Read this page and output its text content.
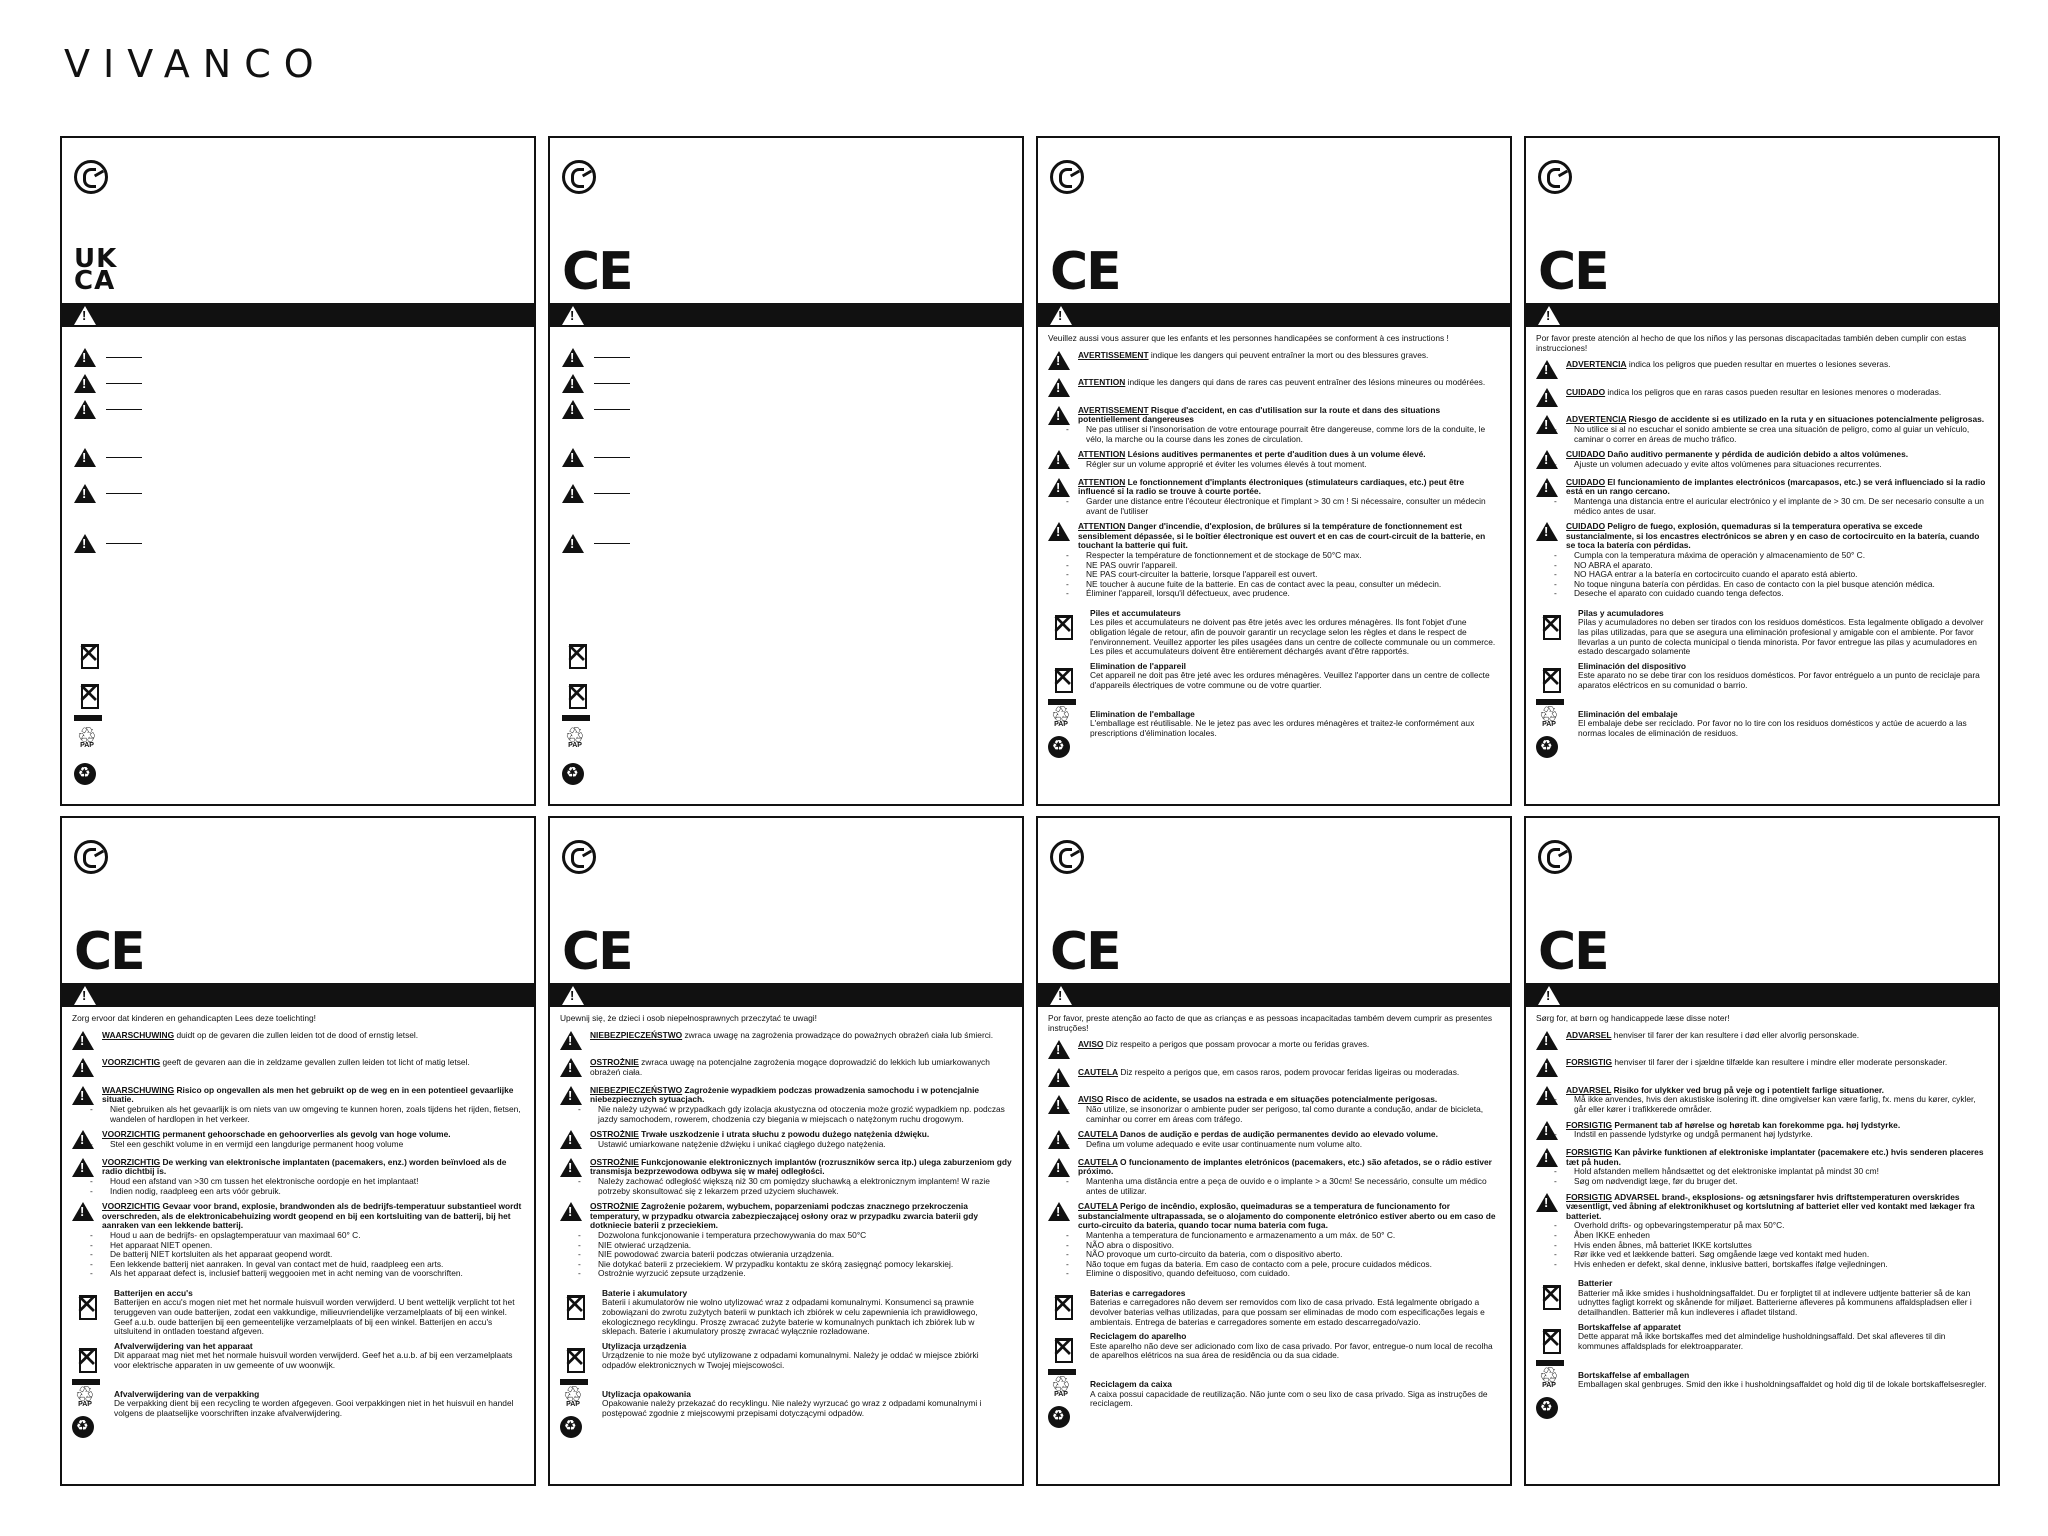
VIVANCO
UK
CA
!
!
!
!
!
!
!
✕
✕
♲ PAP
♻
CE
!
!
!
!
!
!
!
✕
✕
♲ PAP
♻
CE
!
Veuillez aussi vous assurer que les enfants et les personnes handicapées se conforment à ces instructions !
!
AVERTISSEMENT indique les dangers qui peuvent entraîner la mort ou des blessures graves.
!
ATTENTION indique les dangers qui dans de rares cas peuvent entraîner des lésions mineures ou modérées.
!
AVERTISSEMENT Risque d'accident, en cas d'utilisation sur la route et dans des situations potentiellement dangereuses
- Ne pas utiliser si l'insonorisation de votre entourage pourrait être dangereuse, comme lors de la conduite, le vélo, la marche ou la course dans les zones de circulation.
!
ATTENTION Lésions auditives permanentes et perte d'audition dues à un volume élevé.
- Régler sur un volume approprié et éviter les volumes élevés à tout moment.
!
ATTENTION Le fonctionnement d'implants électroniques (stimulateurs cardiaques, etc.) peut être influencé si la radio se trouve à courte portée.
- Garder une distance entre l'écouteur électronique et l'implant > 30 cm ! Si nécessaire, consulter un médecin avant de l'utiliser
!
ATTENTION Danger d'incendie, d'explosion, de brûlures si la température de fonctionnement est sensiblement dépassée, si le boîtier électronique est ouvert et en cas de court-circuit de la batterie, en touchant la batterie qui fuit.
- Respecter la température de fonctionnement et de stockage de 50°C max.
- NE PAS ouvrir l'appareil.
- NE PAS court-circuiter la batterie, lorsque l'appareil est ouvert.
- NE toucher à aucune fuite de la batterie. En cas de contact avec la peau, consulter un médecin.
- Éliminer l'appareil, lorsqu'il défectueux, avec prudence.
✕
Piles et accumulateurs
Les piles et accumulateurs ne doivent pas être jetés avec les ordures ménagères. Ils font l'objet d'une obligation légale de retour, afin de pouvoir garantir un recyclage selon les règles et dans le respect de l'environnement. Veuillez apporter les piles usagées dans un centre de collecte communale ou un commerce. Les piles et accumulateurs doivent être entièrement déchargés avant d'être rapportés.
✕
Elimination de l'appareil
Cet appareil ne doit pas être jeté avec les ordures ménagères. Veuillez l'apporter dans un centre de collecte d'appareils électriques de votre commune ou de votre quartier.
♲ PAP
♻
Elimination de l'emballage
L'emballage est réutilisable. Ne le jetez pas avec les ordures ménagères et traitez-le conformément aux prescriptions d'élimination locales.
CE
!
Por favor preste atención al hecho de que los niños y las personas discapacitadas también deben cumplir con estas instrucciones!
!
ADVERTENCIA indica los peligros que pueden resultar en muertes o lesiones severas.
!
CUIDADO indica los peligros que en raras casos pueden resultar en lesiones menores o moderadas.
!
ADVERTENCIA Riesgo de accidente si es utilizado en la ruta y en situaciones potencialmente peligrosas.
- No utilice si al no escuchar el sonido ambiente se crea una situación de peligro, como al guiar un vehículo, caminar o correr en áreas de mucho tráfico.
!
CUIDADO Daño auditivo permanente y pérdida de audición debido a altos volúmenes.
- Ajuste un volumen adecuado y evite altos volúmenes para situaciones recurrentes.
!
CUIDADO El funcionamiento de implantes electrónicos (marcapasos, etc.) se verá influenciado si la radio está en un rango cercano.
- Mantenga una distancia entre el auricular electrónico y el implante de > 30 cm. De ser necesario consulte a un médico antes de usar.
!
CUIDADO Peligro de fuego, explosión, quemaduras si la temperatura operativa se excede sustancialmente, si los encastres electrónicos se abren y en caso de cortocircuito en la batería, cuando se toca la batería con pérdidas.
- Cumpla con la temperatura máxima de operación y almacenamiento de 50° C.
- NO ABRA el aparato.
- NO HAGA entrar a la batería en cortocircuito cuando el aparato está abierto.
- No toque ninguna batería con pérdidas. En caso de contacto con la piel busque atención médica.
- Deseche el aparato con cuidado cuando tenga defectos.
✕
Pilas y acumuladores
Pilas y acumuladores no deben ser tirados con los residuos domésticos. Esta legalmente obligado a devolver las pilas utilizadas, para que se asegura una eliminación profesional y amigable con el ambiente. Por favor llevarlas a un punto de colecta municipal o tienda minorista. Por favor entregue las pilas y acumuladores en estado descargado solamente
✕
Eliminación del dispositivo
Este aparato no se debe tirar con los residuos domésticos. Por favor entréguelo a un punto de reciclaje para aparatos eléctricos en su comunidad o barrio.
♲ PAP
♻
Eliminación del embalaje
El embalaje debe ser reciclado. Por favor no lo tire con los residuos domésticos y actúe de acuerdo a las normas locales de eliminación de residuos.
CE
!
Zorg ervoor dat kinderen en gehandicapten Lees deze toelichting!
!
WAARSCHUWING duidt op de gevaren die zullen leiden tot de dood of ernstig letsel.
!
VOORZICHTIG geeft de gevaren aan die in zeldzame gevallen zullen leiden tot licht of matig letsel.
!
WAARSCHUWING Risico op ongevallen als men het gebruikt op de weg en in een potentieel gevaarlijke situatie.
- Niet gebruiken als het gevaarlijk is om niets van uw omgeving te kunnen horen, zoals tijdens het rijden, fietsen, wandelen of hardlopen in het verkeer.
!
VOORZICHTIG permanent gehoorschade en gehoorverlies als gevolg van hoge volume.
- Stel een geschikt volume in en vermijd een langdurige permanent hoog volume
!
VOORZICHTIG De werking van elektronische implantaten (pacemakers, enz.) worden beïnvloed als de radio dichtbij is.
- Houd een afstand van >30 cm tussen het elektronische oordopje en het implantaat!
- Indien nodig, raadpleeg een arts vóór gebruik.
!
VOORZICHTIG Gevaar voor brand, explosie, brandwonden als de bedrijfs-temperatuur substantieel wordt overschreden, als de elektronicabehuizing wordt geopend en bij een kortsluiting van de batterij, bij het aanraken van een lekkende batterij.
- Houd u aan de bedrijfs- en opslagtemperatuur van maximaal 60° C.
- Het apparaat NIET openen.
- De batterij NIET kortsluiten als het apparaat geopend wordt.
- Een lekkende batterij niet aanraken. In geval van contact met de huid, raadpleeg een arts.
- Als het apparaat defect is, inclusief batterij weggooien met in acht neming van de voorschriften.
✕
Batterijen en accu's
Batterijen en accu's mogen niet met het normale huisvuil worden verwijderd. U bent wettelijk verplicht tot het teruggeven van oude batterijen, zodat een vakkundige, milieuvriendelijke verzamelplaats of bij een winkel. Geef a.u.b. oude batterijen bij een gemeentelijke verzamelplaats of bij een winkel. Batterijen en accu's uitsluitend in ontladen toestand afgeven.
✕
Afvalverwijdering van het apparaat
Dit apparaat mag niet met het normale huisvuil worden verwijderd. Geef het a.u.b. af bij een verzamelplaats voor elektrische apparaten in uw gemeente of uw woonwijk.
♲ PAP
♻
Afvalverwijdering van de verpakking
De verpakking dient bij een recycling te worden afgegeven. Gooi verpakkingen niet in het huisvuil en handel volgens de plaatselijke voorschriften inzake afvalverwijdering.
CE
!
Upewnij się, że dzieci i osob niepełnosprawnych przeczytać te uwagi!
!
NIEBEZPIECZEŃSTWO zwraca uwagę na zagrożenia prowadzące do poważnych obrażeń ciała lub śmierci.
!
OSTROŻNIE zwraca uwagę na potencjalne zagrożenia mogące doprowadzić do lekkich lub umiarkowanych obrażeń ciała.
!
NIEBEZPIECZEŃSTWO Zagrożenie wypadkiem podczas prowadzenia samochodu i w potencjalnie niebezpiecznych sytuacjach.
- Nie należy używać w przypadkach gdy izolacja akustyczna od otoczenia może grozić wypadkiem np. podczas jazdy samochodem, rowerem, chodzenia czy biegania w miejscach o natężonym ruchu drogowym.
!
OSTROŻNIE Trwałe uszkodzenie i utrata słuchu z powodu dużego natężenia dźwięku.
- Ustawić umiarkowane natężenie dźwięku i unikać ciągłego dużego natężenia.
!
OSTROŻNIE Funkcjonowanie elektronicznych implantów (rozruszników serca itp.) ulega zaburzeniom gdy transmisja bezprzewodowa odbywa się w małej odległości.
- Należy zachować odległość większą niż 30 cm pomiędzy słuchawką a elektronicznym implantem! W razie potrzeby skonsultować się z lekarzem przed użyciem słuchawek.
!
OSTROŻNIE Zagrożenie pożarem, wybuchem, poparzeniami podczas znacznego przekroczenia temperatury, w przypadku otwarcia zabezpieczającej osłony oraz w przypadku zwarcia baterii gdy dotkniecie baterii z przeciekiem.
- Dozwolona funkcjonowanie i temperatura przechowywania do max 50°C
- NIE otwierać urządzenia.
- NIE powodować zwarcia baterii podczas otwierania urządzenia.
- Nie dotykać baterii z przeciekiem. W przypadku kontaktu ze skórą zasięgnąć pomocy lekarskiej.
- Ostrożnie wyrzucić zepsute urządzenie.
✕
Baterie i akumulatory
Baterii i akumulatorów nie wolno utylizować wraz z odpadami komunalnymi. Konsumenci są prawnie zobowiązani do zwrotu zużytych baterii w punktach ich zbiórek w celu zapewnienia ich prawidłowego, ekologicznego recyklingu. Proszę zwracać zużyte baterie w komunalnych punktach ich zbiórek lub w sklepach. Baterie i akumulatory proszę zwracać wyłącznie rozładowane.
✕
Utylizacja urządzenia
Urządzenie to nie może być utylizowane z odpadami komunalnymi. Należy je oddać w miejsce zbiórki odpadów elektronicznych w Twojej miejscowości.
♲ PAP
♻
Utylizacja opakowania
Opakowanie należy przekazać do recyklingu. Nie należy wyrzucać go wraz z odpadami komunalnymi i postępować zgodnie z miejscowymi przepisami dotyczącymi odpadów.
CE
!
Por favor, preste atenção ao facto de que as crianças e as pessoas incapacitadas também devem cumprir as presentes instruções!
!
AVISO Diz respeito a perigos que possam provocar a morte ou feridas graves.
!
CAUTELA Diz respeito a perigos que, em casos raros, podem provocar feridas ligeiras ou moderadas.
!
AVISO Risco de acidente, se usados na estrada e em situações potencialmente perigosas.
- Não utilize, se insonorizar o ambiente puder ser perigoso, tal como durante a condução, andar de bicicleta, caminhar ou correr em áreas com tráfego.
!
CAUTELA Danos de audição e perdas de audição permanentes devido ao elevado volume.
- Defina um volume adequado e evite usar continuamente num volume alto.
!
CAUTELA O funcionamento de implantes eletrónicos (pacemakers, etc.) são afetados, se o rádio estiver próximo.
- Mantenha uma distância entre a peça de ouvido e o implante > a 30cm! Se necessário, consulte um médico antes de utilizar.
!
CAUTELA Perigo de incêndio, explosão, queimaduras se a temperatura de funcionamento for substancialmente ultrapassada, se o alojamento do componente eletrónico estiver aberto ou em caso de curto-circuito da bateria, quando tocar numa bateria com fuga.
- Mantenha a temperatura de funcionamento e armazenamento a um máx. de 50° C.
- NÃO abra o dispositivo.
- NÃO provoque um curto-circuito da bateria, com o dispositivo aberto.
- Não toque em fugas da bateria. Em caso de contacto com a pele, procure cuidados médicos.
- Elimine o dispositivo, quando defeituoso, com cuidado.
✕
Baterias e carregadores
Baterias e carregadores não devem ser removidos com lixo de casa privado. Está legalmente obrigado a devolver baterias velhas utilizadas, para que possam ser eliminadas de modo com especificações legais e ambientais. Entrega de baterias e carregadores somente em estado descarregado/vazio.
✕
Reciclagem do aparelho
Este aparelho não deve ser adicionado com lixo de casa privado. Por favor, entregue-o num local de recolha de aparelhos elétricos na sua área de residência ou da sua cidade.
♲ PAP
♻
Reciclagem da caixa
A caixa possui capacidade de reutilização. Não junte com o seu lixo de casa privado. Siga as instruções de reciclagem.
CE
!
Sørg for, at børn og handicappede læse disse noter!
!
ADVARSEL henviser til farer der kan resultere i død eller alvorlig personskade.
!
FORSIGTIG henviser til farer der i sjældne tilfælde kan resultere i mindre eller moderate personskader.
!
ADVARSEL Risiko for ulykker ved brug på veje og i potentielt farlige situationer.
- Må ikke anvendes, hvis den akustiske isolering ift. dine omgivelser kan være farlig, fx. mens du kører, cykler, går eller kører i trafikkerede områder.
!
FORSIGTIG Permanent tab af hørelse og høretab kan forekomme pga. høj lydstyrke.
- Indstil en passende lydstyrke og undgå permanent høj lydstyrke.
!
FORSIGTIG Kan påvirke funktionen af elektroniske implantater (pacemakere etc.) hvis senderen placeres tæt på huden.
- Hold afstanden mellem håndsættet og det elektroniske implantat på mindst 30 cm!
- Søg om nødvendigt læge, før du bruger det.
!
FORSIGTIG ADVARSEL brand-, eksplosions- og ætsningsfarer hvis driftstemperaturen overskrides væsentligt, ved åbning af elektronikhuset og kortslutning af batteriet eller ved kontakt med lækager fra batteriet.
- Overhold drifts- og opbevaringstemperatur på max 50°C.
- Åben IKKE enheden
- Hvis enden åbnes, må batteriet IKKE kortsluttes
- Rør ikke ved et lækkende batteri. Søg omgående læge ved kontakt med huden.
- Hvis enheden er defekt, skal denne, inklusive batteri, bortskaffes ifølge vejledningen.
✕
Batterier
Batterier må ikke smides i husholdningsaffaldet. Du er forpligtet til at indlevere udtjente batterier så de kan udnyttes fagligt korrekt og skånende for miljøet. Batterierne afleveres på kommunens affaldspladsen eller i detailhandlen. Batterier må kun indleveres i afladet tilstand.
✕
Bortskaffelse af apparatet
Dette apparat må ikke bortskaffes med det almindelige husholdningsaffald. Det skal afleveres til din kommunes affaldsplads for elektroapparater.
♲ PAP
♻
Bortskaffelse af emballagen
Emballagen skal genbruges. Smid den ikke i husholdningsaffaldet og hold dig til de lokale bortskaffelsesregler.
